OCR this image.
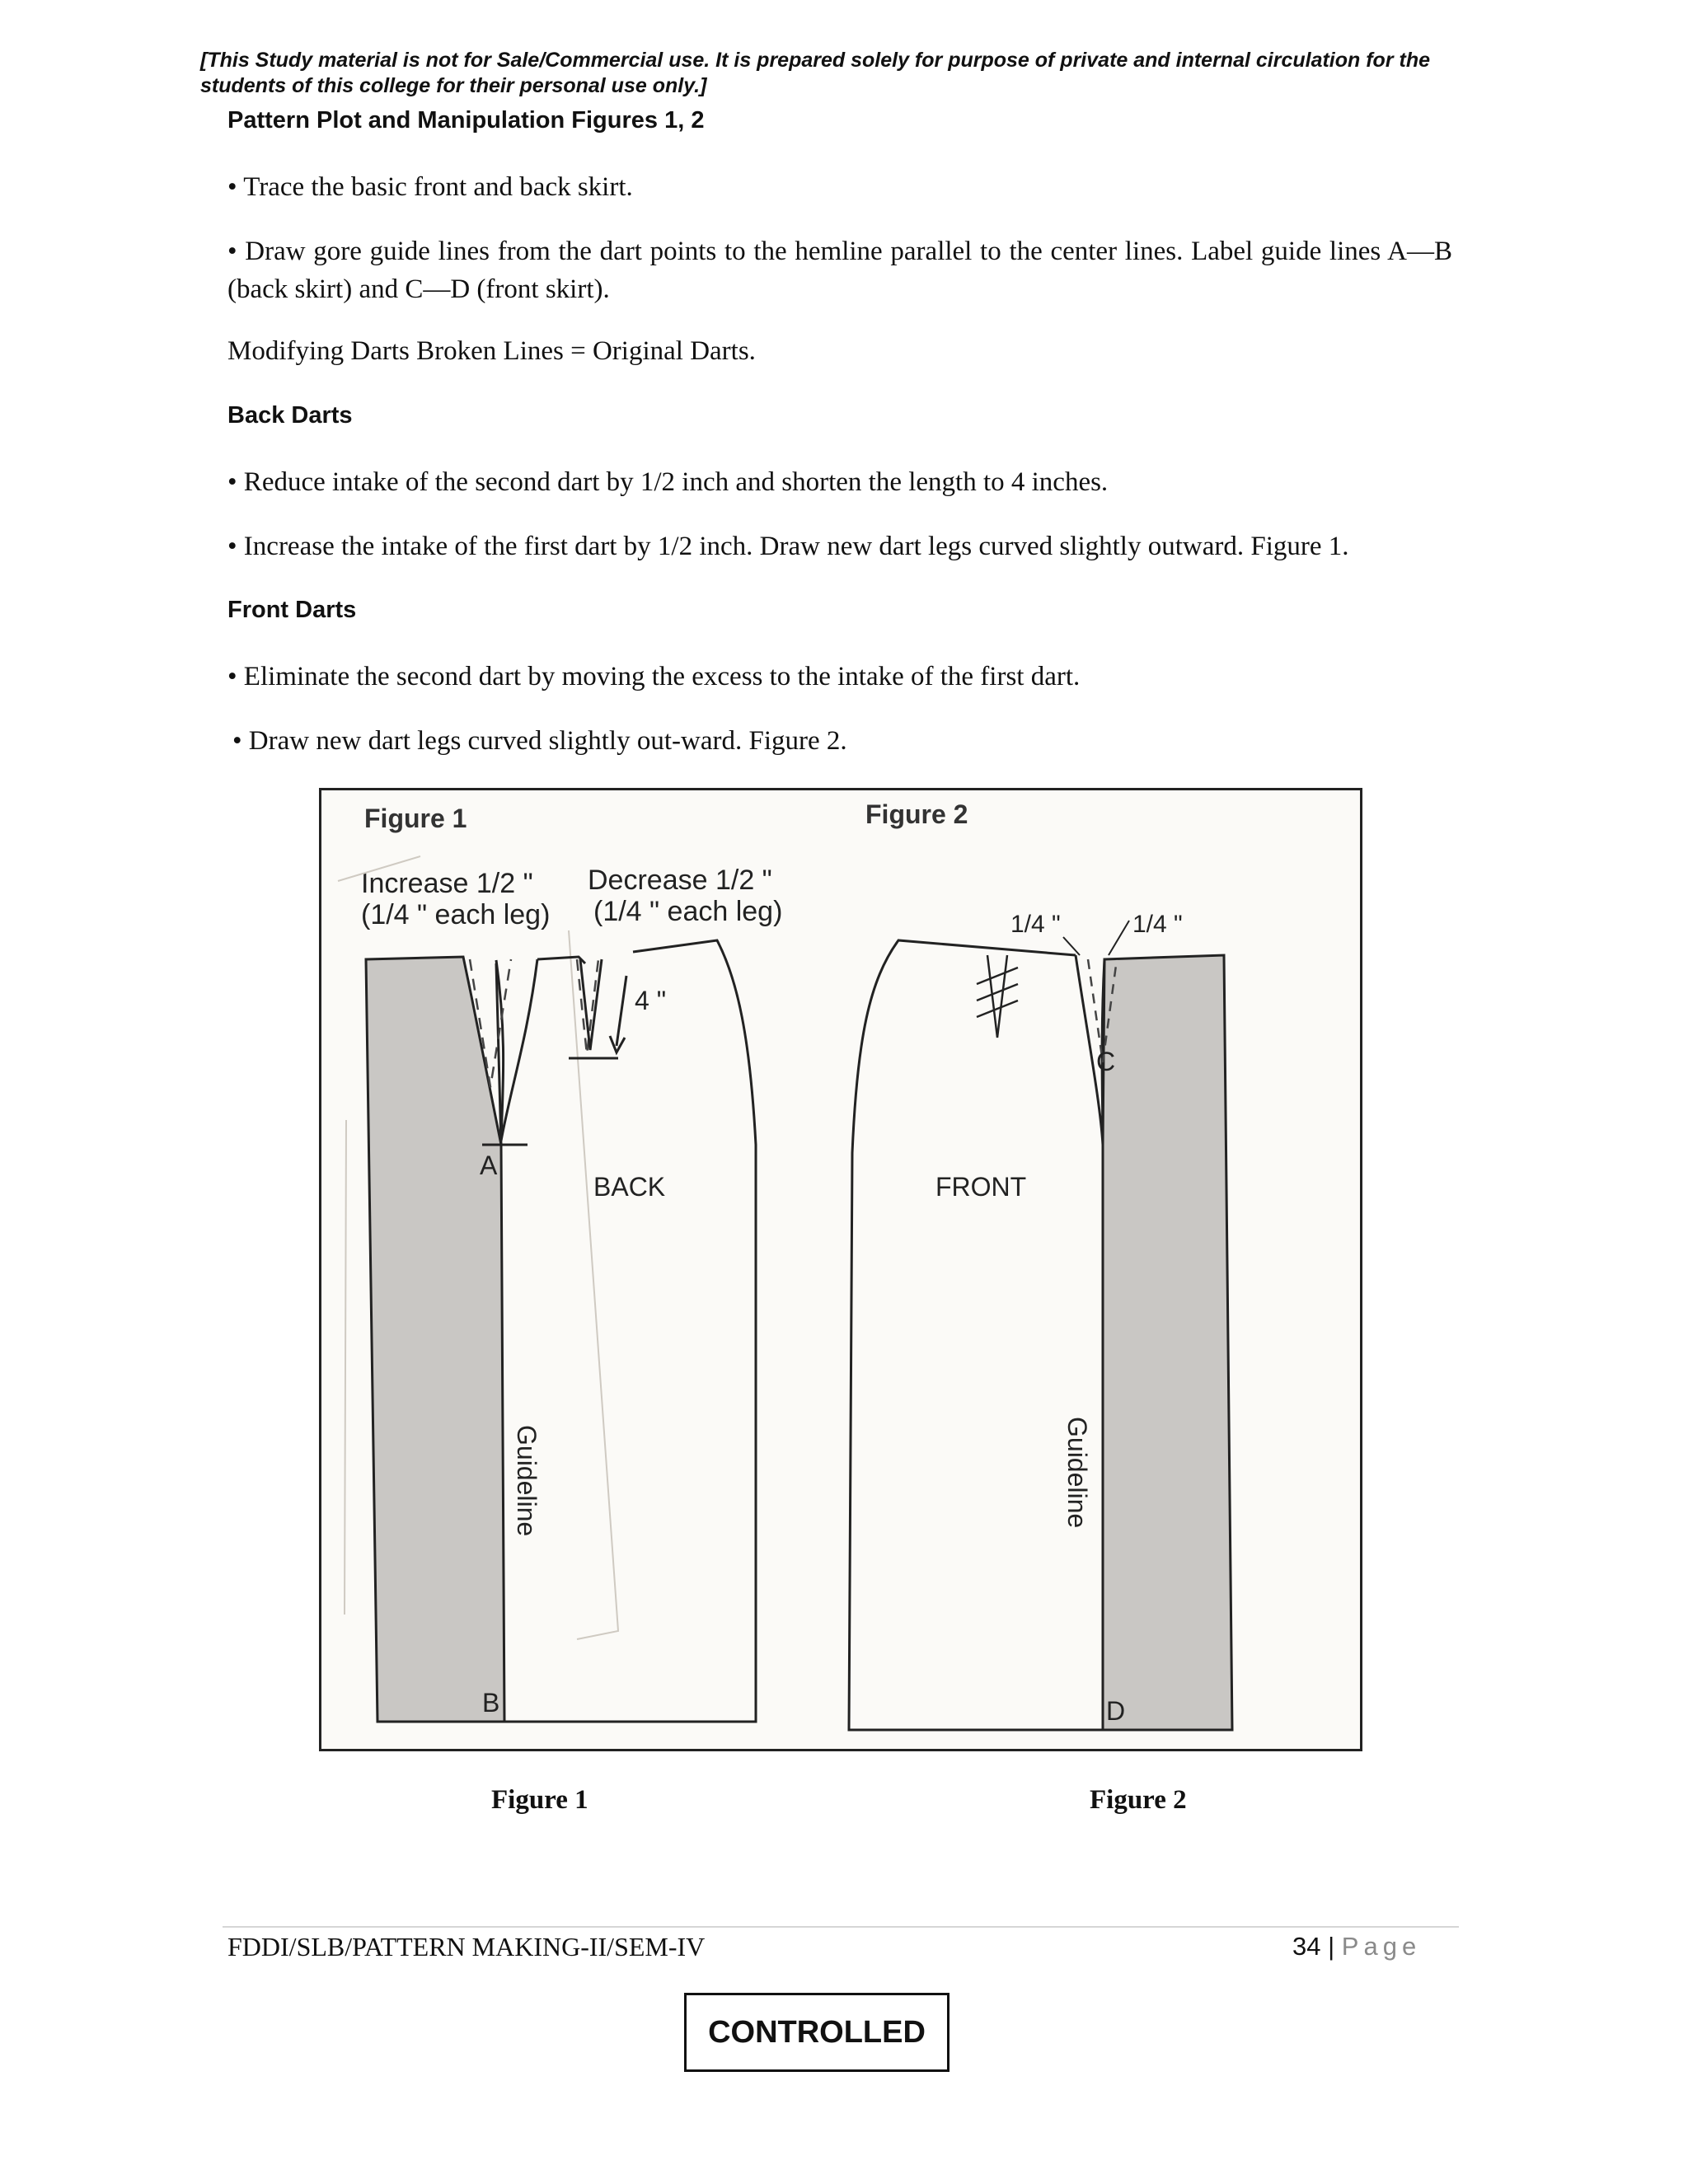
[This Study material is not for Sale/Commercial use. It is prepared solely for purpose of private and internal circulation for the students of this college for their personal use only.]
Pattern Plot and Manipulation Figures 1, 2
• Trace the basic front and back skirt.
• Draw gore guide lines from the dart points to the hemline parallel to the center lines. Label guide lines A—B (back skirt) and C—D (front skirt).
Modifying Darts Broken Lines = Original Darts.
Back Darts
• Reduce intake of the second dart by 1/2 inch and shorten the length to 4 inches.
• Increase the intake of the first dart by 1/2 inch. Draw new dart legs curved slightly outward. Figure 1.
Front Darts
• Eliminate the second dart by moving the excess to the intake of the first dart.
• Draw new dart legs curved slightly out-ward. Figure 2.
Figure 1
Increase 1/2 "
(1/4 " each leg)
Decrease 1/2 "
(1/4 " each leg)
4 "
A
BACK
B
Guideline
Figure 2
1/4 "	1/4 "
C
FRONT
D
Guideline
Figure 1	Figure 2
FDDI/SLB/PATTERN MAKING-II/SEM-IV	34 | Page
CONTROLLED
